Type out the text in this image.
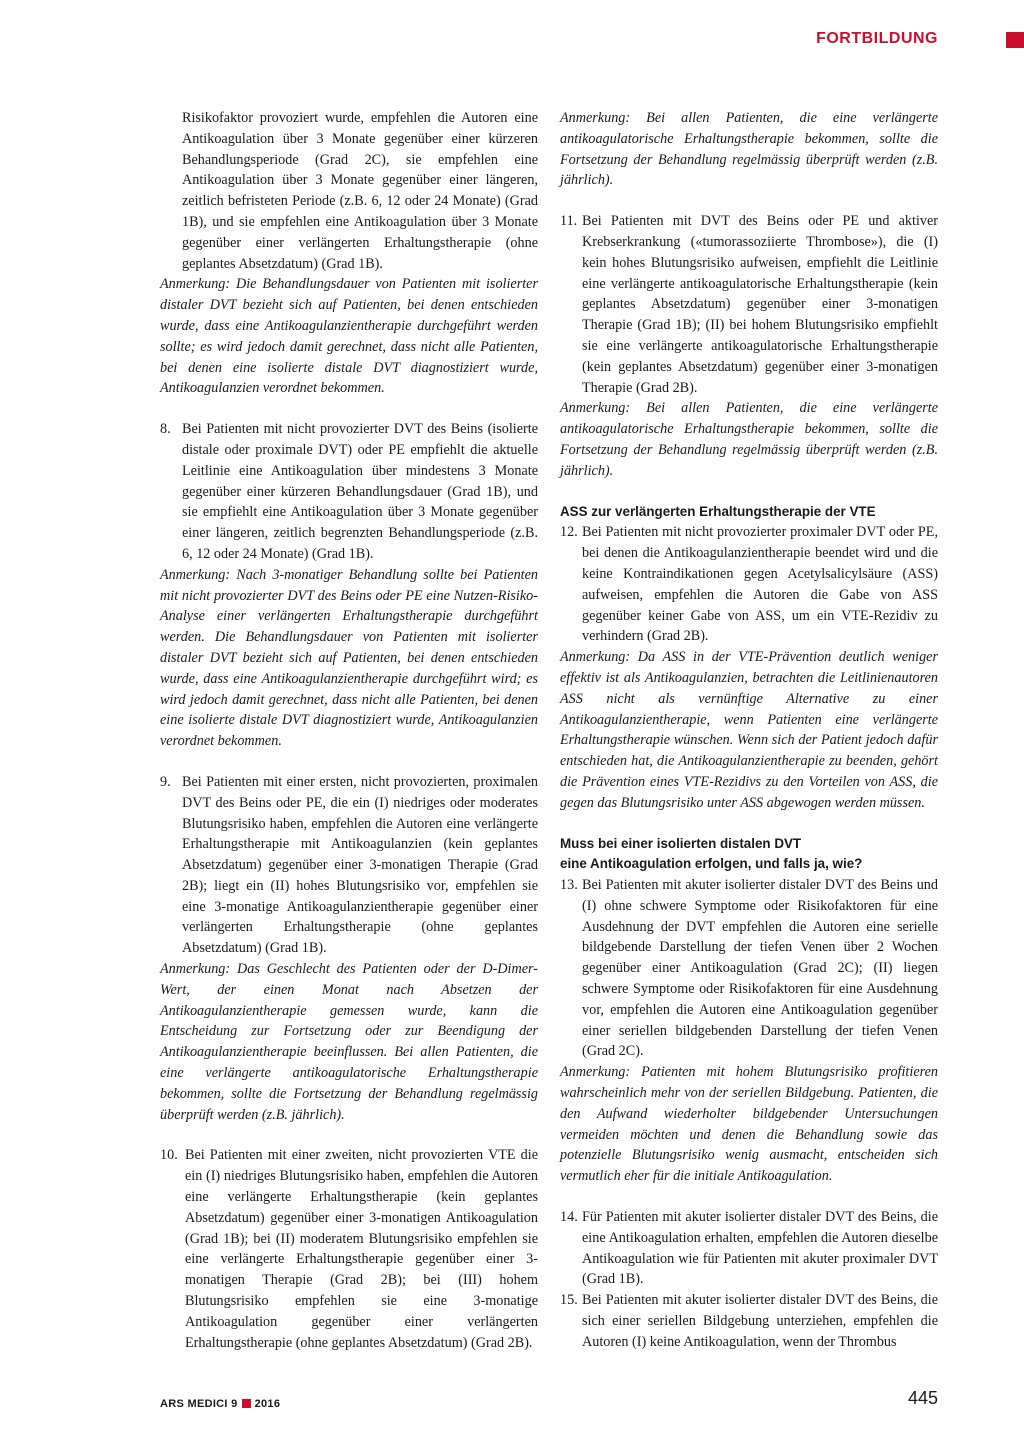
FORTBILDUNG

Risikofaktor provoziert wurde, empfehlen die Autoren eine Antikoagulation über 3 Monate gegenüber einer kürzeren Behandlungsperiode (Grad 2C), sie empfehlen eine Antikoagulation über 3 Monate gegenüber einer längeren, zeitlich befristeten Periode (z.B. 6, 12 oder 24 Monate) (Grad 1B), und sie empfehlen eine Antikoagulation über 3 Monate gegenüber einer verlängerten Erhaltungstherapie (ohne geplantes Absetzdatum) (Grad 1B).

Anmerkung: Die Behandlungsdauer von Patienten mit isolierter distaler DVT bezieht sich auf Patienten, bei denen entschieden wurde, dass eine Antikoagulanzientherapie durchgeführt werden sollte; es wird jedoch damit gerechnet, dass nicht alle Patienten, bei denen eine isolierte distale DVT diagnostiziert wurde, Antikoagulanzien verordnet bekommen.

8. Bei Patienten mit nicht provozierter DVT des Beins (isolierte distale oder proximale DVT) oder PE empfiehlt die aktuelle Leitlinie eine Antikoagulation über mindestens 3 Monate gegenüber einer kürzeren Behandlungsdauer (Grad 1B), und sie empfiehlt eine Antikoagulation über 3 Monate gegenüber einer längeren, zeitlich begrenzten Behandlungsperiode (z.B. 6, 12 oder 24 Monate) (Grad 1B).

Anmerkung: Nach 3-monatiger Behandlung sollte bei Patienten mit nicht provozierter DVT des Beins oder PE eine Nutzen-Risiko-Analyse einer verlängerten Erhaltungstherapie durchgeführt werden. Die Behandlungsdauer von Patienten mit isolierter distaler DVT bezieht sich auf Patienten, bei denen entschieden wurde, dass eine Antikoagulanzientherapie durchgeführt wird; es wird jedoch damit gerechnet, dass nicht alle Patienten, bei denen eine isolierte distale DVT diagnostiziert wurde, Antikoagulanzien verordnet bekommen.

9. Bei Patienten mit einer ersten, nicht provozierten, proximalen DVT des Beins oder PE, die ein (I) niedriges oder moderates Blutungsrisiko haben, empfehlen die Autoren eine verlängerte Erhaltungstherapie mit Antikoagulanzien (kein geplantes Absetzdatum) gegenüber einer 3-monatigen Therapie (Grad 2B); liegt ein (II) hohes Blutungsrisiko vor, empfehlen sie eine 3-monatige Antikoagulanzientherapie gegenüber einer verlängerten Erhaltungstherapie (ohne geplantes Absetzdatum) (Grad 1B).

Anmerkung: Das Geschlecht des Patienten oder der D-Dimer-Wert, der einen Monat nach Absetzen der Antikoagulanzientherapie gemessen wurde, kann die Entscheidung zur Fortsetzung oder zur Beendigung der Antikoagulanzientherapie beeinflussen. Bei allen Patienten, die eine verlängerte antikoagulatorische Erhaltungstherapie bekommen, sollte die Fortsetzung der Behandlung regelmässig überprüft werden (z.B. jährlich).

10. Bei Patienten mit einer zweiten, nicht provozierten VTE die ein (I) niedriges Blutungsrisiko haben, empfehlen die Autoren eine verlängerte Erhaltungstherapie (kein geplantes Absetzdatum) gegenüber einer 3-monatigen Antikoagulation (Grad 1B); bei (II) moderatem Blutungsrisiko empfehlen sie eine verlängerte Erhaltungstherapie gegenüber einer 3-monatigen Therapie (Grad 2B); bei (III) hohem Blutungsrisiko empfehlen sie eine 3-monatige Antikoagulation gegenüber einer verlängerten Erhaltungstherapie (ohne geplantes Absetzdatum) (Grad 2B).

Anmerkung: Bei allen Patienten, die eine verlängerte antikoagulatorische Erhaltungstherapie bekommen, sollte die Fortsetzung der Behandlung regelmässig überprüft werden (z.B. jährlich).

11. Bei Patienten mit DVT des Beins oder PE und aktiver Krebserkrankung («tumorassoziierte Thrombose»), die (I) kein hohes Blutungsrisiko aufweisen, empfiehlt die Leitlinie eine verlängerte antikoagulatorische Erhaltungstherapie (kein geplantes Absetzdatum) gegenüber einer 3-monatigen Therapie (Grad 1B); (II) bei hohem Blutungsrisiko empfiehlt sie eine verlängerte antikoagulatorische Erhaltungstherapie (kein geplantes Absetzdatum) gegenüber einer 3-monatigen Therapie (Grad 2B).

Anmerkung: Bei allen Patienten, die eine verlängerte antikoagulatorische Erhaltungstherapie bekommen, sollte die Fortsetzung der Behandlung regelmässig überprüft werden (z.B. jährlich).

ASS zur verlängerten Erhaltungstherapie der VTE

12. Bei Patienten mit nicht provozierter proximaler DVT oder PE, bei denen die Antikoagulanzientherapie beendet wird und die keine Kontraindikationen gegen Acetylsalicylsäure (ASS) aufweisen, empfehlen die Autoren die Gabe von ASS gegenüber keiner Gabe von ASS, um ein VTE-Rezidiv zu verhindern (Grad 2B).

Anmerkung: Da ASS in der VTE-Prävention deutlich weniger effektiv ist als Antikoagulanzien, betrachten die Leitlinienautoren ASS nicht als vernünftige Alternative zu einer Antikoagulanzientherapie, wenn Patienten eine verlängerte Erhaltungstherapie wünschen. Wenn sich der Patient jedoch dafür entschieden hat, die Antikoagulanzientherapie zu beenden, gehört die Prävention eines VTE-Rezidivs zu den Vorteilen von ASS, die gegen das Blutungsrisiko unter ASS abgewogen werden müssen.

Muss bei einer isolierten distalen DVT

eine Antikoagulation erfolgen, und falls ja, wie?

13. Bei Patienten mit akuter isolierter distaler DVT des Beins und (I) ohne schwere Symptome oder Risikofaktoren für eine Ausdehnung der DVT empfehlen die Autoren eine serielle bildgebende Darstellung der tiefen Venen über 2 Wochen gegenüber einer Antikoagulation (Grad 2C); (II) liegen schwere Symptome oder Risikofaktoren für eine Ausdehnung vor, empfehlen die Autoren eine Antikoagulation gegenüber einer seriellen bildgebenden Darstellung der tiefen Venen (Grad 2C).

Anmerkung: Patienten mit hohem Blutungsrisiko profitieren wahrscheinlich mehr von der seriellen Bildgebung. Patienten, die den Aufwand wiederholter bildgebender Untersuchungen vermeiden möchten und denen die Behandlung sowie das potenzielle Blutungsrisiko wenig ausmacht, entscheiden sich vermutlich eher für die initiale Antikoagulation.

14. Für Patienten mit akuter isolierter distaler DVT des Beins, die eine Antikoagulation erhalten, empfehlen die Autoren dieselbe Antikoagulation wie für Patienten mit akuter proximaler DVT (Grad 1B).
15. Bei Patienten mit akuter isolierter distaler DVT des Beins, die sich einer seriellen Bildgebung unterziehen, empfehlen die Autoren (I) keine Antikoagulation, wenn der Thrombus
ARS MEDICI 9 2016	445
